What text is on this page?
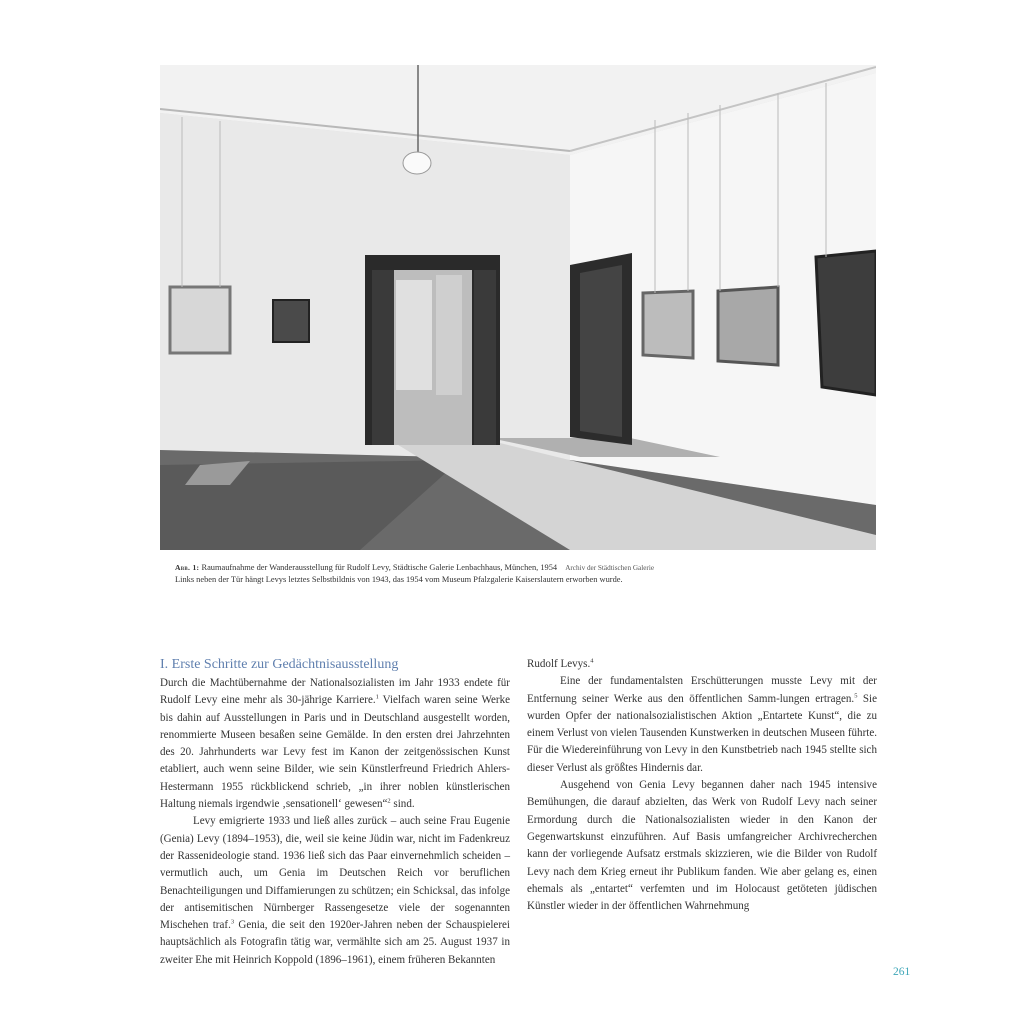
Abb. 1: Raumaufnahme der Wanderausstellung für Rudolf Levy, Städtische Galerie Lenbachhaus, München, 1954 Archiv der Städtischen Galerie
Links neben der Tür hängt Levys letztes Selbstbildnis von 1943, das 1954 vom Museum Pfalzgalerie Kaiserslautern erworben wurde.
I. Erste Schritte zur Gedächtnisausstellung

Durch die Machtübernahme der Nationalsozialisten im Jahr 1933 endete für Rudolf Levy eine mehr als 30-jährige Karriere.$^1$ Vielfach waren seine Werke bis dahin auf Ausstellungen in Paris und in Deutschland ausgestellt worden, renommierte Museen besaßen seine Gemälde. In den ersten drei Jahrzehnten des 20. Jahrhunderts war Levy fest im Kanon der zeitgenössischen Kunst etabliert, auch wenn seine Bilder, wie sein Künstlerfreund Friedrich Ahlers-Hestermann 1955 rückblickend schrieb, „in ihrer noblen künstlerischen Haltung niemals irgendwie ‚sensationell‘ gewesen“$^2$ sind.

Levy emigrierte 1933 und ließ alles zurück – auch seine Frau Eugenie (Genia) Levy (1894–1953), die, weil sie keine Jüdin war, nicht im Fadenkreuz der Rassenideologie stand. 1936 ließ sich das Paar einvernehmlich scheiden – vermutlich auch, um Genia im Deutschen Reich vor beruflichen Benachteiligungen und Diffamierungen zu schützen; ein Schicksal, das infolge der antisemitischen Nürnberger Rassengesetze viele der sogenannten Mischehen traf.$^3$ Genia, die seit den 1920er-Jahren neben der Schauspielerei hauptsächlich als Fotografin tätig war, vermählte sich am 25. August 1937 in zweiter Ehe mit Heinrich Koppold (1896–1961), einem früheren Bekannten

Rudolf Levys.$^4$

Eine der fundamentalsten Erschütterungen musste Levy mit der Entfernung seiner Werke aus den öffentlichen Samm-lungen ertragen.$^5$ Sie wurden Opfer der nationalsozialistischen Aktion „Entartete Kunst“, die zu einem Verlust von vielen Tausenden Kunstwerken in deutschen Museen führte. Für die Wiedereinführung von Levy in den Kunstbetrieb nach 1945 stellte sich dieser Verlust als größtes Hindernis dar.

Ausgehend von Genia Levy begannen daher nach 1945 intensive Bemühungen, die darauf abzielten, das Werk von Rudolf Levy nach seiner Ermordung durch die Nationalsozialisten wieder in den Kanon der Gegenwartskunst einzuführen. Auf Basis umfangreicher Archivrecherchen kann der vorliegende Aufsatz erstmals skizzieren, wie die Bilder von Rudolf Levy nach dem Krieg erneut ihr Publikum fanden. Wie aber gelang es, einen ehemals als „entartet“ verfemten und im Holocaust getöteten jüdischen Künstler wieder in der öffentlichen Wahrnehmung

261
